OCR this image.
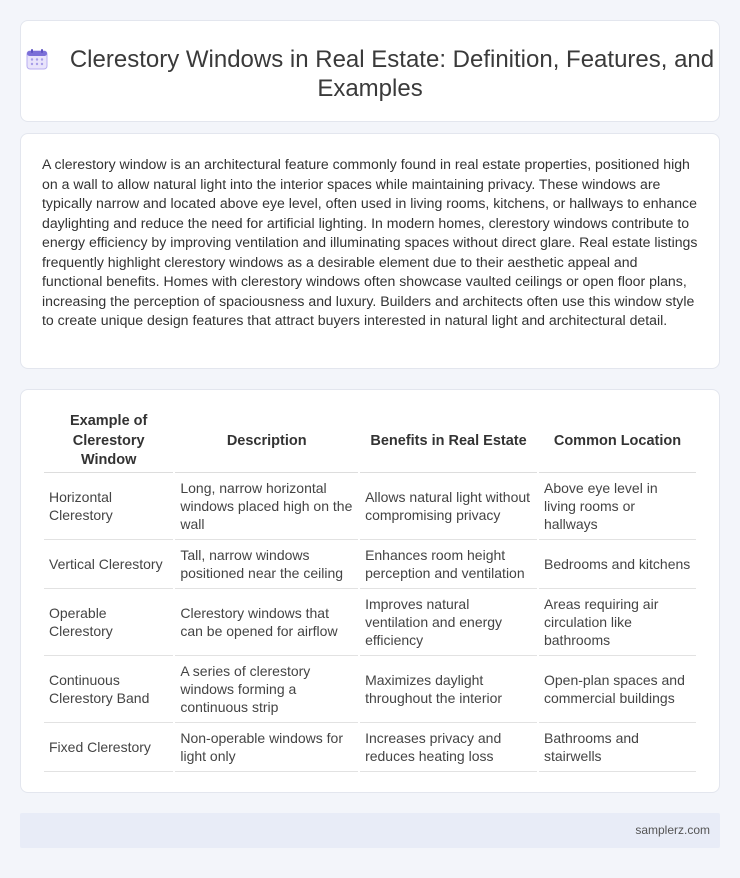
Clerestory Windows in Real Estate: Definition, Features, and Examples

A clerestory window is an architectural feature commonly found in real estate properties, positioned high on a wall to allow natural light into the interior spaces while maintaining privacy. These windows are typically narrow and located above eye level, often used in living rooms, kitchens, or hallways to enhance daylighting and reduce the need for artificial lighting. In modern homes, clerestory windows contribute to energy efficiency by improving ventilation and illuminating spaces without direct glare. Real estate listings frequently highlight clerestory windows as a desirable element due to their aesthetic appeal and functional benefits. Homes with clerestory windows often showcase vaulted ceilings or open floor plans, increasing the perception of spaciousness and luxury. Builders and architects often use this window style to create unique design features that attract buyers interested in natural light and architectural detail.

Example of Clerestory Window	Description	Benefits in Real Estate	Common Location
Horizontal Clerestory	Long, narrow horizontal windows placed high on the wall	Allows natural light without compromising privacy	Above eye level in living rooms or hallways
Vertical Clerestory	Tall, narrow windows positioned near the ceiling	Enhances room height perception and ventilation	Bedrooms and kitchens
Operable Clerestory	Clerestory windows that can be opened for airflow	Improves natural ventilation and energy efficiency	Areas requiring air circulation like bathrooms
Continuous Clerestory Band	A series of clerestory windows forming a continuous strip	Maximizes daylight throughout the interior	Open-plan spaces and commercial buildings
Fixed Clerestory	Non-operable windows for light only	Increases privacy and reduces heating loss	Bathrooms and stairwells
samplerz.com
